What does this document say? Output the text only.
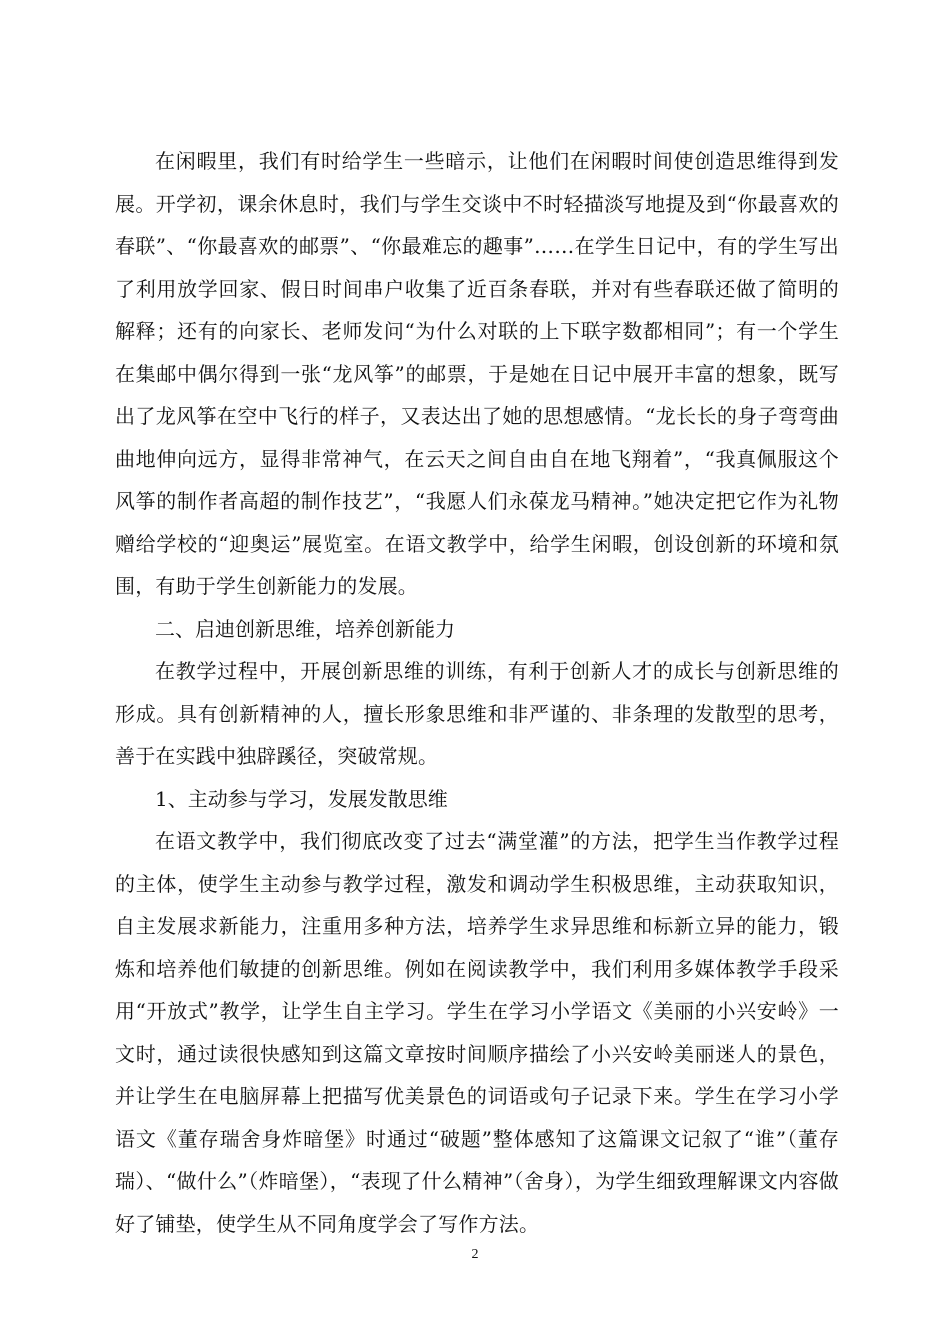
在闲暇里，我们有时给学生一些暗示，让他们在闲暇时间使创造思维得到发展。开学初，课余休息时，我们与学生交谈中不时轻描淡写地提及到“你最喜欢的春联”、“你最喜欢的邮票”、“你最难忘的趣事”……在学生日记中，有的学生写出了利用放学回家、假日时间串户收集了近百条春联，并对有些春联还做了简明的解释；还有的向家长、老师发问“为什么对联的上下联字数都相同”；有一个学生在集邮中偶尔得到一张“龙风筝”的邮票，于是她在日记中展开丰富的想象，既写出了龙风筝在空中飞行的样子，又表达出了她的思想感情。“龙长长的身子弯弯曲曲地伸向远方，显得非常神气，在云天之间自由自在地飞翔着”，“我真佩服这个风筝的制作者高超的制作技艺”，“我愿人们永葆龙马精神。”她决定把它作为礼物赠给学校的“迎奥运”展览室。在语文教学中，给学生闲暇，创设创新的环境和氛围，有助于学生创新能力的发展。

二、启迪创新思维，培养创新能力

在教学过程中，开展创新思维的训练，有利于创新人才的成长与创新思维的形成。具有创新精神的人，擅长形象思维和非严谨的、非条理的发散型的思考，善于在实践中独辟蹊径，突破常规。

1、主动参与学习，发展发散思维

在语文教学中，我们彻底改变了过去“满堂灌”的方法，把学生当作教学过程的主体，使学生主动参与教学过程，激发和调动学生积极思维，主动获取知识，自主发展求新能力，注重用多种方法，培养学生求异思维和标新立异的能力，锻炼和培养他们敏捷的创新思维。例如在阅读教学中，我们利用多媒体教学手段采用“开放式”教学，让学生自主学习。学生在学习小学语文《美丽的小兴安岭》一文时，通过读很快感知到这篇文章按时间顺序描绘了小兴安岭美丽迷人的景色，并让学生在电脑屏幕上把描写优美景色的词语或句子记录下来。学生在学习小学语文《董存瑞舍身炸暗堡》时通过“破题”整体感知了这篇课文记叙了“谁”（董存瑞）、“做什么”（炸暗堡），“表现了什么精神”（舍身），为学生细致理解课文内容做好了铺垫，使学生从不同角度学会了写作方法。

2
